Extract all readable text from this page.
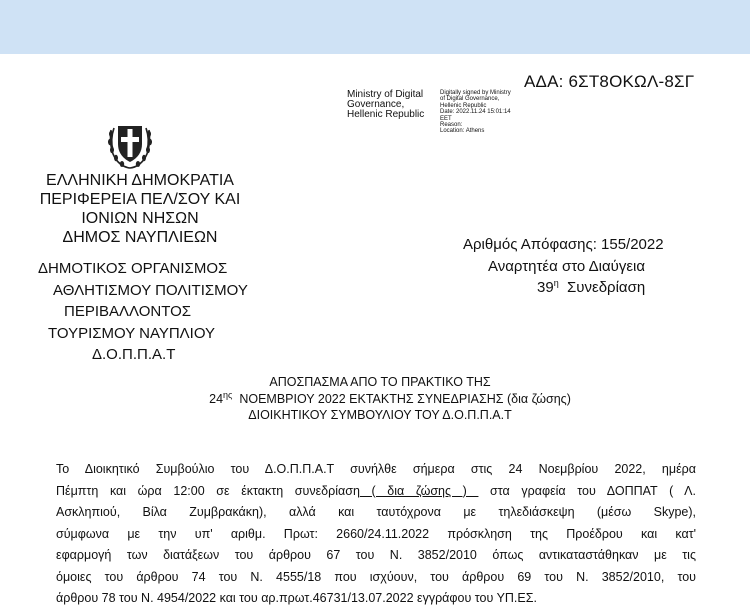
ΑΔΑ: 6ΣΤ8ΟΚΩΛ-8ΣΓ
Ministry of Digital
Governance,
Hellenic Republic
Digitally signed by Ministry
of Digital Governance,
Hellenic Republic
Date: 2022.11.24 15:01:14
EET
Reason:
Location: Athens
ΕΛΛΗΝΙΚΗ ΔΗΜΟΚΡΑΤΙΑ
ΠΕΡΙΦΕΡΕΙΑ ΠΕΛ/ΣΟΥ ΚΑΙ
ΙΟΝΙΩΝ ΝΗΣΩΝ
ΔΗΜΟΣ ΝΑΥΠΛΙΕΩΝ
ΔΗΜΟΤΙΚΟΣ ΟΡΓΑΝΙΣΜΟΣ
ΑΘΛΗΤΙΣΜΟΥ ΠΟΛΙΤΙΣΜΟΥ
ΠΕΡΙΒΑΛΛΟΝΤΟΣ
ΤΟΥΡΙΣΜΟΥ ΝΑΥΠΛΙΟΥ
Δ.Ο.Π.Π.Α.Τ
Αριθμός Απόφασης: 155/2022
Αναρτητέα στο Διαύγεια
$39^\eta$  Συνεδρίαση
ΑΠΟΣΠΑΣΜΑ ΑΠΟ ΤΟ ΠΡΑΚΤΙΚΟ ΤΗΣ
$24^{\eta\varsigma}$  ΝΟΕΜΒΡΙΟΥ 2022 ΕΚΤΑΚΤΗΣ ΣΥΝΕΔΡΙΑΣΗΣ (δια ζώσης)
ΔΙΟΙΚΗΤΙΚΟΥ ΣΥΜΒΟΥΛΙΟΥ ΤΟΥ Δ.Ο.Π.Π.Α.Τ
Το Διοικητικό Συμβούλιο του Δ.Ο.Π.Π.Α.Τ συνήλθε σήμερα στις 24 Νοεμβρίου 2022, ημέρα
Πέμπτη και ώρα 12:00 σε έκτακτη συνεδρίαση ( δια ζώσης )  στα γραφεία του ΔΟΠΠΑΤ ( Λ.
Ασκληπιού, Βίλα Ζυμβρακάκη), αλλά και ταυτόχρονα με τηλεδιάσκεψη (μέσω Skype),
σύμφωνα με την υπ' αριθμ. Πρωτ: 2660/24.11.2022 πρόσκληση της Προέδρου και κατ'
εφαρμογή των διατάξεων του άρθρου 67 του Ν. 3852/2010 όπως αντικαταστάθηκαν με τις
όμοιες του άρθρου 74 του Ν. 4555/18 που ισχύουν, του άρθρου 69 του Ν. 3852/2010, του
άρθρου 78 του Ν. 4954/2022 και του αρ.πρωτ.46731/13.07.2022 εγγράφου του ΥΠ.ΕΣ.
